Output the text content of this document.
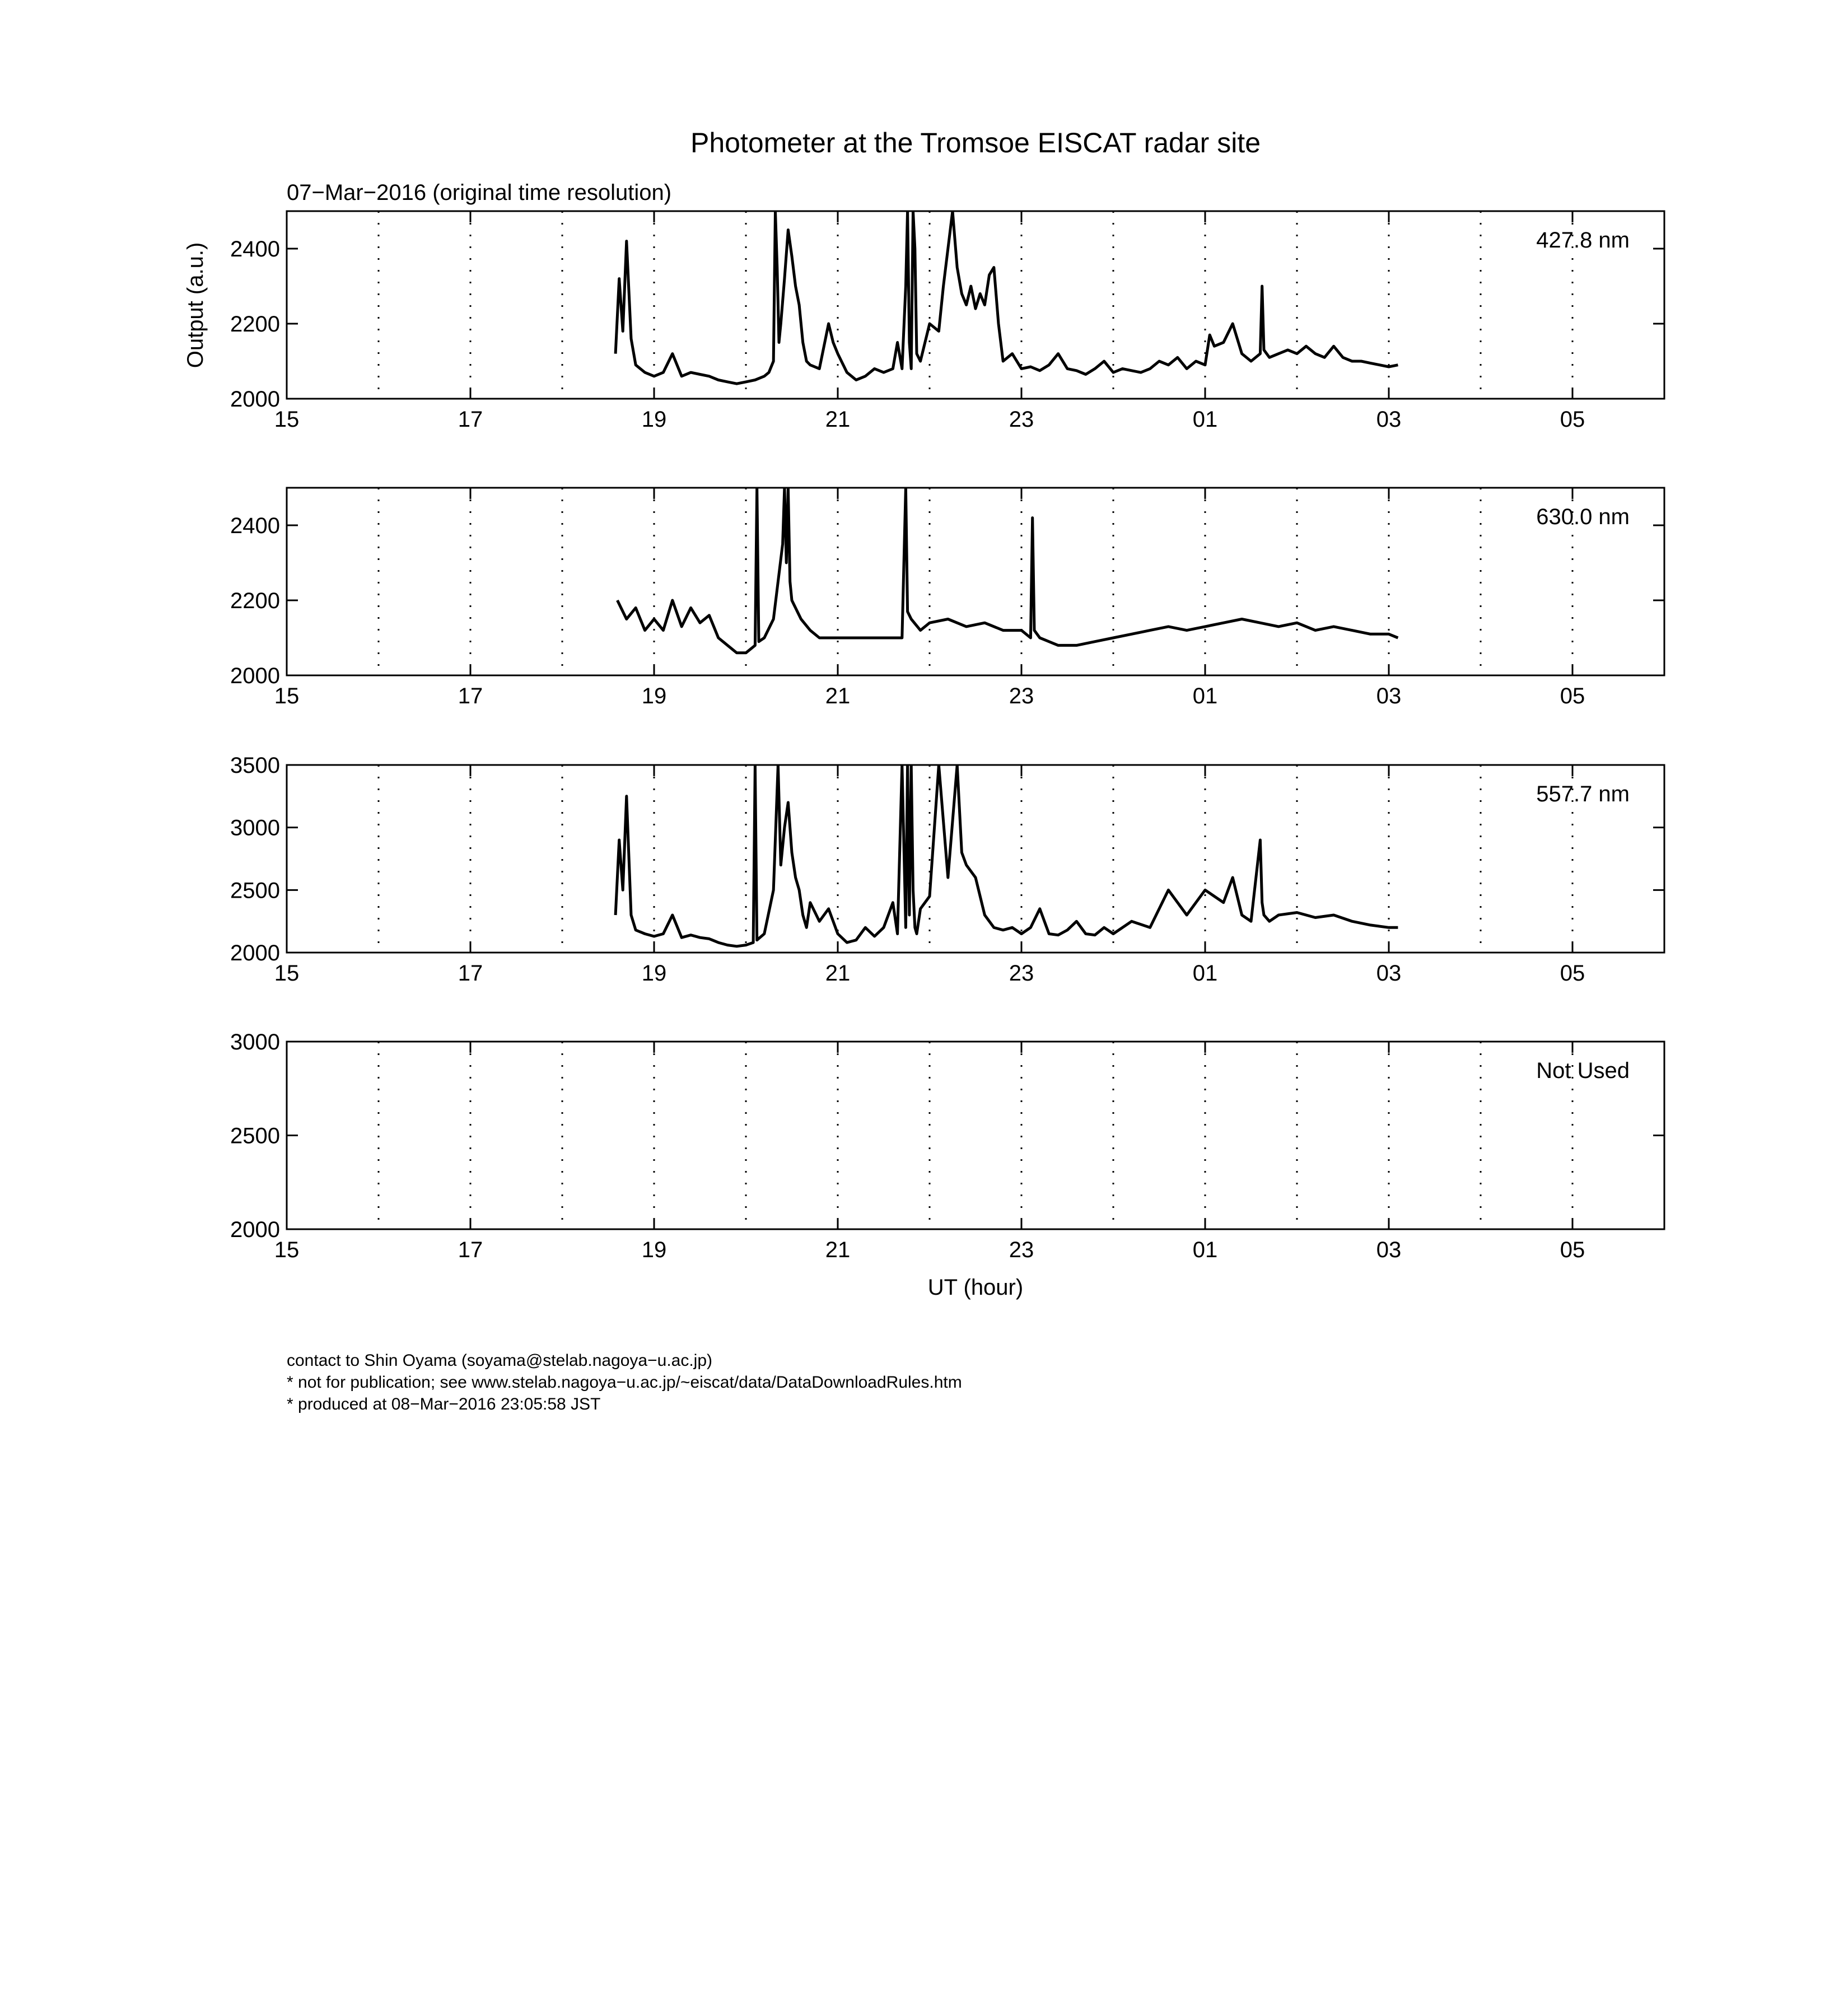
Photometer at the Tromsoe EISCAT radar site
07−Mar−2016 (original time resolution)
Output (a.u.)
UT (hour)
15	17	19	21	23	01	03	05
2000
2200
2400	427.8 nm
15	17	19	21	23	01	03	05
2000
2200
2400	630.0 nm
15	17	19	21	23	01	03	05
2000
2500
3000
3500
557.7 nm
15	17	19	21	23	01	03	05
2000
2500
3000
Not Used
contact to Shin Oyama (soyama@stelab.nagoya−u.ac.jp)
* not for publication; see www.stelab.nagoya−u.ac.jp/~eiscat/data/DataDownloadRules.htm
* produced at 08−Mar−2016 23:05:58 JST
